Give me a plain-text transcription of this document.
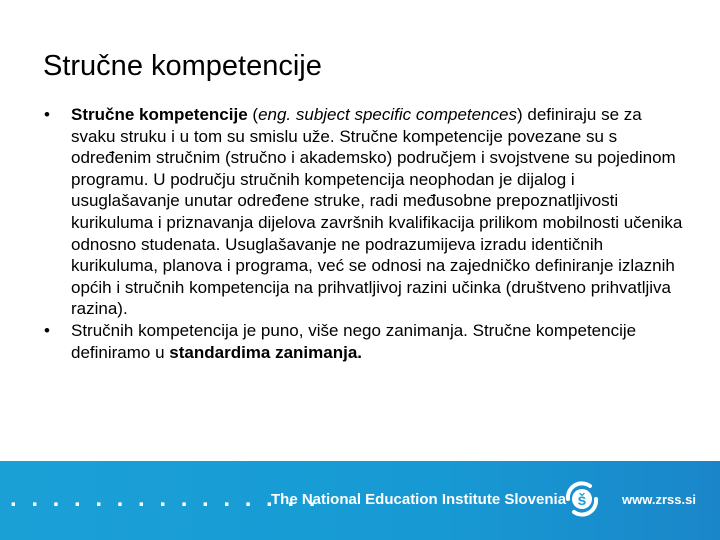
Stručne kompetencije
• Stručne kompetencije (eng. subject specific competences) definiraju se za svaku struku i u tom su smislu uže. Stručne kompetencije povezane su s određenim stručnim (stručno i akademsko) područjem i svojstvene su pojedinom programu. U području stručnih kompetencija neophodan je dijalog i usuglašavanje unutar određene struke, radi međusobne prepoznatljivosti kurikuluma i priznavanja dijelova završnih kvalifikacija prilikom mobilnosti učenika odnosno studenata. Usuglašavanje ne podrazumijeva izradu identičnih kurikuluma, planova i programa, već se odnosi na zajedničko definiranje izlaznih općih i stručnih kompetencija na prihvatljivoj razini učinka (društveno prihvatljiva razina).
• Stručnih kompetencija je puno, više nego zanimanja. Stručne kompetencije definiramo u standardima zanimanja.
. . . . . . . . . . . . . . .
The National Education Institute Slovenia š	www.zrss.si
